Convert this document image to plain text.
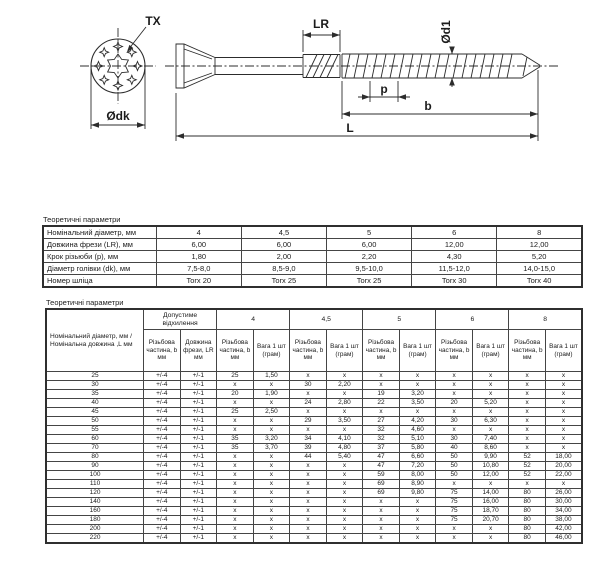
TX
Ødk
LR	Ød1
p
b
L
Теоретичні параметри
Номінальний діаметр, мм	4	4,5	5	6	8
Довжина фрези (LR), мм	6,00	6,00	6,00	12,00	12,00
Крок різьюби (р), мм	1,80	2,00	2,20	4,30	5,20
Діаметр голівки (dk), мм	7,5-8,0	8,5-9,0	9,5-10,0	11,5-12,0	14,0-15,0
Номер шліца	Torx 20	Torx 25	Torx 25	Torx 30	Torx 40
Теоретичні параметри
Номінальний діаметр, мм / Номінальна довжина ,L мм	Допустиме відхилення		4		4,5		5		6		8	
	Різьбова частина, b мм	Довжина фрези, LR мм	Різьбова частина, b мм	Вага 1 шт (грам)	Різьбова частина, b мм	Вага 1 шт (грам)	Різьбова частина, b мм	Вага 1 шт (грам)	Різьбова частина, b мм	Вага 1 шт (грам)	Різьбова частина, b мм	Вага 1 шт (грам)
25	+/-4	+/-1	25	1,50	x	x	x	x	x	x	x	x
30	+/-4	+/-1	x	x	30	2,20	x	x	x	x	x	x
35	+/-4	+/-1	20	1,90	x	x	19	3,20	x	x	x	x
40	+/-4	+/-1	x	x	24	2,80	22	3,50	20	5,20	x	x
45	+/-4	+/-1	25	2,50	x	x	x	x	x	x	x	x
50	+/-4	+/-1	x	x	29	3,50	27	4,20	30	6,30	x	x
55	+/-4	+/-1	x	x	x	x	32	4,60	x	x	x	x
60	+/-4	+/-1	35	3,20	34	4,10	32	5,10	30	7,40	x	x
70	+/-4	+/-1	35	3,70	39	4,80	37	5,80	40	8,60	x	x
80	+/-4	+/-1	x	x	44	5,40	47	6,60	50	9,90	52	18,00
90	+/-4	+/-1	x	x	x	x	47	7,20	50	10,80	52	20,00
100	+/-4	+/-1	x	x	x	x	59	8,00	50	12,00	52	22,00
110	+/-4	+/-1	x	x	x	x	69	8,90	x	x	x	x
120	+/-4	+/-1	x	x	x	x	69	9,80	75	14,00	80	26,00
140	+/-4	+/-1	x	x	x	x	x	x	75	16,00	80	30,00
160	+/-4	+/-1	x	x	x	x	x	x	75	18,70	80	34,00
180	+/-4	+/-1	x	x	x	x	x	x	75	20,70	80	38,00
200	+/-4	+/-1	x	x	x	x	x	x	x	x	80	42,00
220	+/-4	+/-1	x	x	x	x	x	x	x	x	80	46,00
